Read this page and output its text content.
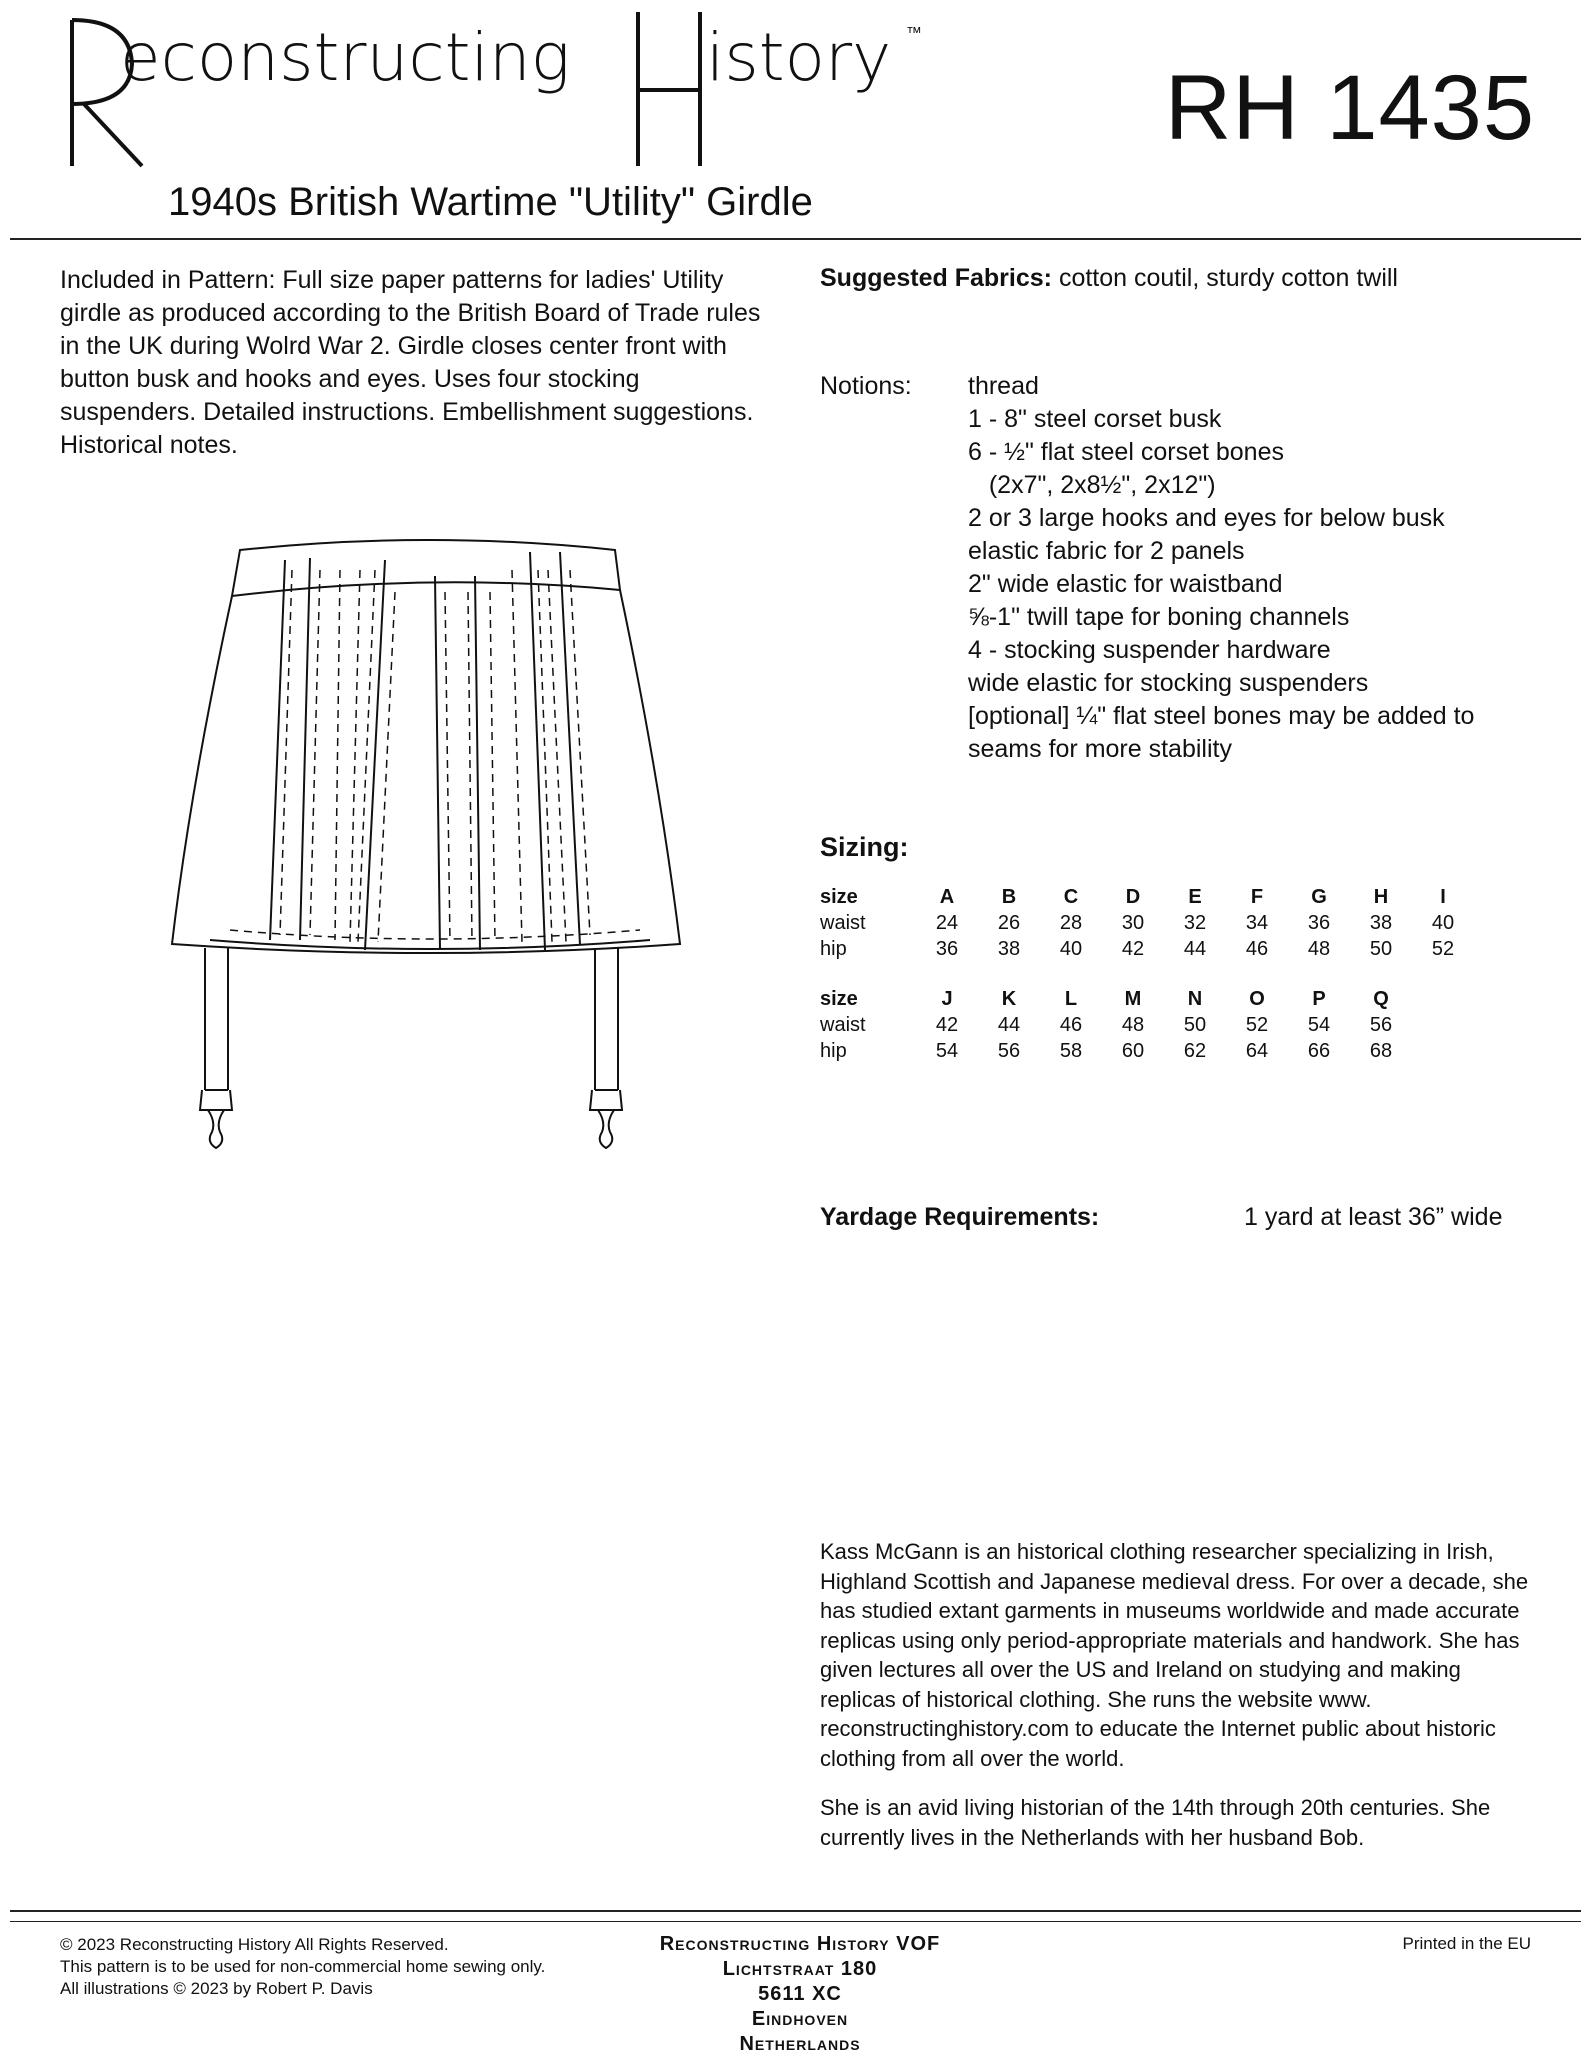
econstructing istory ™
RH 1435
1940s British Wartime "Utility" Girdle
Included in Pattern: Full size paper patterns for ladies' Utility girdle as produced according to the British Board of Trade rules in the UK during Wolrd War 2. Girdle closes center front with button busk and hooks and eyes. Uses four stocking suspenders. Detailed instructions. Embellishment suggestions. Historical notes.
Suggested Fabrics: cotton coutil, sturdy cotton twill
Notions: thread
1 - 8" steel corset busk
6 - ½" flat steel corset bones
(2x7", 2x8½", 2x12")
2 or 3 large hooks and eyes for below busk
elastic fabric for 2 panels
2" wide elastic for waistband
⅝-1" twill tape for boning channels
4 - stocking suspender hardware
wide elastic for stocking suspenders
[optional] ¼" flat steel bones may be added to
seams for more stability
Sizing:
size	A	B	C	D	E	F	G	H	I
waist	24	26	28	30	32	34	36	38	40
hip	36	38	40	42	44	46	48	50	52
size	J	K	L	M	N	O	P	Q
waist	42	44	46	48	50	52	54	56
hip	54	56	58	60	62	64	66	68
Yardage Requirements:	1 yard at least 36” wide

Kass McGann is an historical clothing researcher specializing in Irish, Highland Scottish and Japanese medieval dress. For over a decade, she has studied extant garments in museums worldwide and made accurate replicas using only period-appropriate materials and handwork. She has given lectures all over the US and Ireland on studying and making replicas of historical clothing. She runs the website www. reconstructinghistory.com to educate the Internet public about historic clothing from all over the world.

She is an avid living historian of the 14th through 20th centuries. She currently lives in the Netherlands with her husband Bob.

© 2023 Reconstructing History All Rights Reserved.
This pattern is to be used for non-commercial home sewing only.
All illustrations © 2023 by Robert P. Davis
Reconstructing History VOF
Lichtstraat 180
5611 XC
Eindhoven
Netherlands
Printed in the EU
